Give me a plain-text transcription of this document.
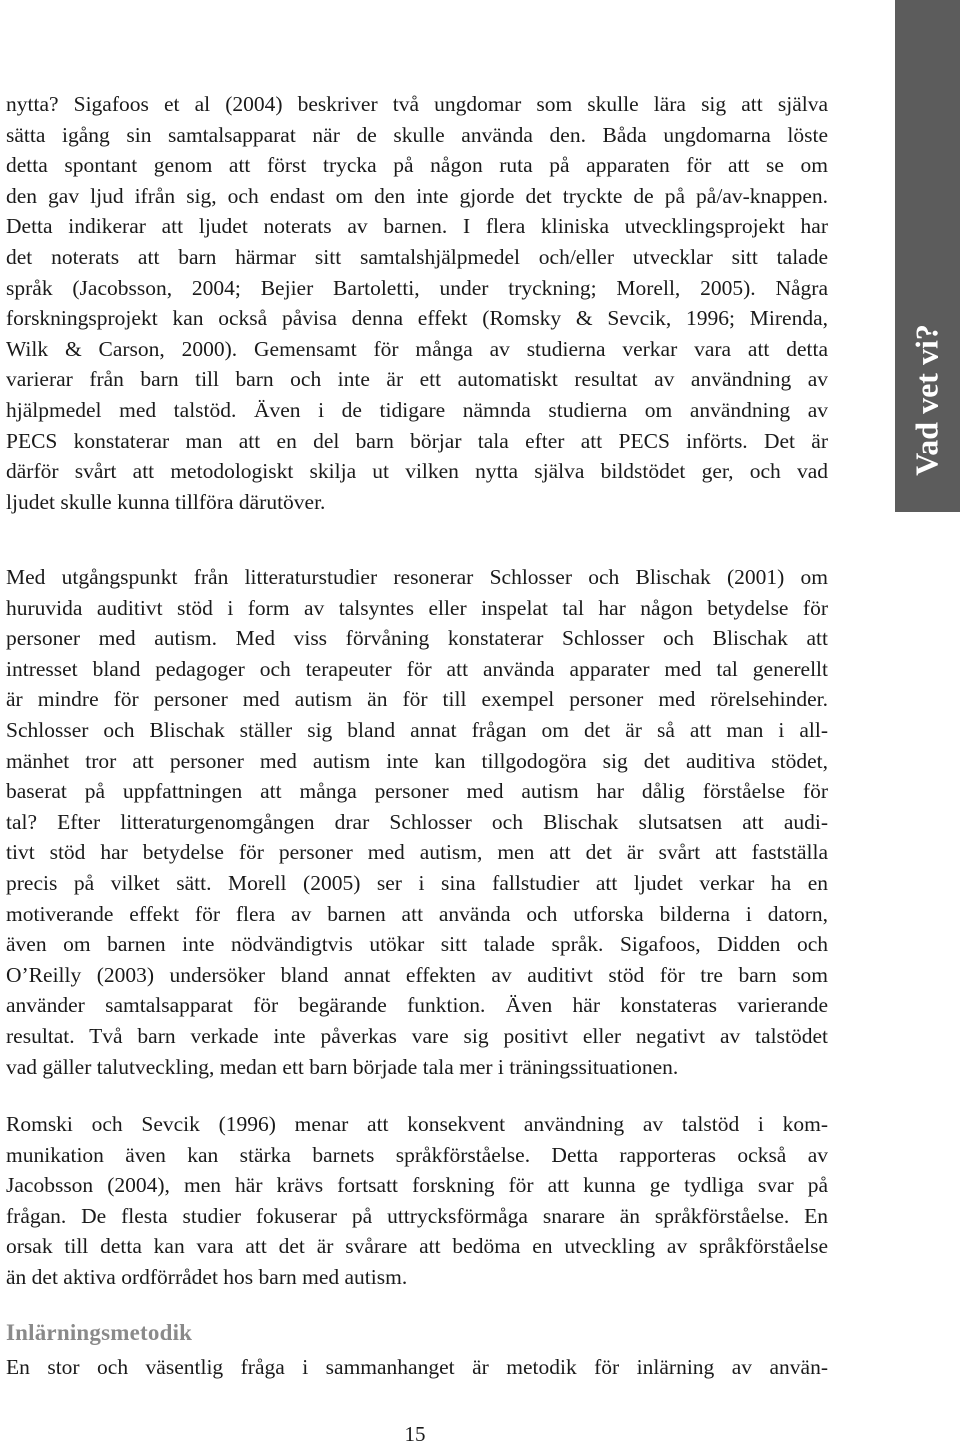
Vad vet vi?

nytta? Sigafoos et al (2004) beskriver två ungdomar som skulle lära sig att själva
sätta igång sin samtalsapparat när de skulle använda den. Båda ungdomarna löste
detta spontant genom att först trycka på någon ruta på apparaten för att se om
den gav ljud ifrån sig, och endast om den inte gjorde det tryckte de på på/av-knappen.
Detta indikerar att ljudet noterats av barnen. I flera kliniska utvecklingsprojekt har
det noterats att barn härmar sitt samtalshjälpmedel och/eller utvecklar sitt talade
språk (Jacobsson, 2004; Bejier Bartoletti, under tryckning; Morell, 2005). Några
forskningsprojekt kan också påvisa denna effekt (Romsky & Sevcik, 1996; Mirenda,
Wilk & Carson, 2000). Gemensamt för många av studierna verkar vara att detta
varierar från barn till barn och inte är ett automatiskt resultat av användning av
hjälpmedel med talstöd. Även i de tidigare nämnda studierna om användning av
PECS konstaterar man att en del barn börjar tala efter att PECS införts. Det är
därför svårt att metodologiskt skilja ut vilken nytta själva bildstödet ger, och vad
ljudet skulle kunna tillföra därutöver.

Med utgångspunkt från litteraturstudier resonerar Schlosser och Blischak (2001) om
huruvida auditivt stöd i form av talsyntes eller inspelat tal har någon betydelse för
personer med autism. Med viss förvåning konstaterar Schlosser och Blischak att
intresset bland pedagoger och terapeuter för att använda apparater med tal generellt
är mindre för personer med autism än för till exempel personer med rörelsehinder.
Schlosser och Blischak ställer sig bland annat frågan om det är så att man i all-
mänhet tror att personer med autism inte kan tillgodogöra sig det auditiva stödet,
baserat på uppfattningen att många personer med autism har dålig förståelse för
tal? Efter litteraturgenomgången drar Schlosser och Blischak slutsatsen att audi-
tivt stöd har betydelse för personer med autism, men att det är svårt att fastställa
precis på vilket sätt. Morell (2005) ser i sina fallstudier att ljudet verkar ha en
motiverande effekt för flera av barnen att använda och utforska bilderna i datorn,
även om barnen inte nödvändigtvis utökar sitt talade språk. Sigafoos, Didden och
O’Reilly (2003) undersöker bland annat effekten av auditivt stöd för tre barn som
använder samtalsapparat för begärande funktion. Även här konstateras varierande
resultat. Två barn verkade inte påverkas vare sig positivt eller negativt av talstödet
vad gäller talutveckling, medan ett barn började tala mer i träningssituationen.

Romski och Sevcik (1996) menar att konsekvent användning av talstöd i kom-
munikation även kan stärka barnets språkförståelse. Detta rapporteras också av
Jacobsson (2004), men här krävs fortsatt forskning för att kunna ge tydliga svar på
frågan. De flesta studier fokuserar på uttrycksförmåga snarare än språkförståelse. En
orsak till detta kan vara att det är svårare att bedöma en utveckling av språkförståelse
än det aktiva ordförrådet hos barn med autism.

Inlärningsmetodik

En stor och väsentlig fråga i sammanhanget är metodik för inlärning av använ-

15
